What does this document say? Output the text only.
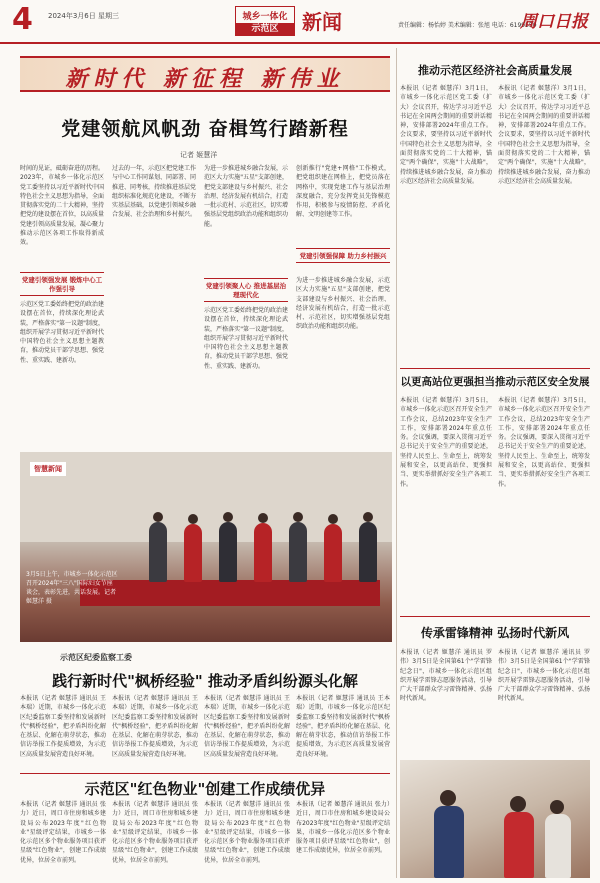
4 2024年3月6日 星期三	城乡一体化
示范区	新闻	责任编辑：杨怡婷 美术编辑：张旭 电话：6199550
周口日报
新时代 新征程 新伟业
党建领航风帆劲 奋楫笃行踏新程
记者 姬慧洋
时间的见证，砥砺奋进的历程。2023年，市城乡一体化示范区党工委坚持以习近平新时代中国特色社会主义思想为指导，全面贯彻落实党的二十大精神，坚持把党的建设摆在首位，以高质量党建引领高质量发展，凝心聚力推动示范区各项工作取得新成效。
党建引领强发展 锻炼中心工作强引导
示范区党工委始终把党的政治建设摆在首位，持续深化理论武装，严格落实"第一议题"制度，组织开展学习贯彻习近平新时代中国特色社会主义思想主题教育，推动党员干部学思想、强党性、重实践、建新功。
过去的一年，示范区把党建工作与中心工作同谋划、同部署、同推进、同考核，持续推进基层党组织标准化规范化建设，不断夯实基层基础，以党建引领城乡融合发展、社会治理和乡村振兴。
为进一步推进城乡融合发展，示范区大力实施"五星"支部创建，把党支部建设与乡村振兴、社会治理、经济发展有机结合，打造一批示范村、示范社区，切实增强基层党组织政治功能和组织功能。
党建引领聚人心 推进基层治理现代化
示范区党工委始终把党的政治建设摆在首位，持续深化理论武装，严格落实"第一议题"制度，组织开展学习贯彻习近平新时代中国特色社会主义思想主题教育，推动党员干部学思想、强党性、重实践、建新功。
创新推行"党建+网格"工作模式，把党组织建在网格上，把党员落在网格中，实现党建工作与基层治理深度融合，充分发挥党员先锋模范作用，积极参与疫情防控、矛盾化解、文明创建等工作。
党建引领强保障 助力乡村振兴
为进一步推进城乡融合发展，示范区大力实施"五星"支部创建，把党支部建设与乡村振兴、社会治理、经济发展有机结合，打造一批示范村、示范社区，切实增强基层党组织政治功能和组织功能。
智慧新闻
3月5日上午，市城乡一体化示范区召开2024年"三八"国际妇女节座谈会，表彰先进，共话发展。记者 姬慧洋 摄
示范区纪委监察工委
践行新时代"枫桥经验" 推动矛盾纠纷源头化解
本报讯（记者 姬慧洋 通讯员 王本瑞）近期，市城乡一体化示范区纪委监察工委坚持和发展新时代"枫桥经验"，把矛盾纠纷化解在基层、化解在萌芽状态，推动信访举报工作提质增效，为示范区高质量发展营造良好环境。
本报讯（记者 姬慧洋 通讯员 王本瑞）近期，市城乡一体化示范区纪委监察工委坚持和发展新时代"枫桥经验"，把矛盾纠纷化解在基层、化解在萌芽状态，推动信访举报工作提质增效，为示范区高质量发展营造良好环境。
本报讯（记者 姬慧洋 通讯员 王本瑞）近期，市城乡一体化示范区纪委监察工委坚持和发展新时代"枫桥经验"，把矛盾纠纷化解在基层、化解在萌芽状态，推动信访举报工作提质增效，为示范区高质量发展营造良好环境。
本报讯（记者 姬慧洋 通讯员 王本瑞）近期，市城乡一体化示范区纪委监察工委坚持和发展新时代"枫桥经验"，把矛盾纠纷化解在基层、化解在萌芽状态，推动信访举报工作提质增效，为示范区高质量发展营造良好环境。
示范区"红色物业"创建工作成绩优异
本报讯（记者 姬慧洋 通讯员 张力）近日，周口市住房和城乡建设局公布2023年度"红色物业"星级评定结果，市城乡一体化示范区多个物业服务项目获评星级"红色物业"，创建工作成绩优异，位居全市前列。
本报讯（记者 姬慧洋 通讯员 张力）近日，周口市住房和城乡建设局公布2023年度"红色物业"星级评定结果，市城乡一体化示范区多个物业服务项目获评星级"红色物业"，创建工作成绩优异，位居全市前列。
本报讯（记者 姬慧洋 通讯员 张力）近日，周口市住房和城乡建设局公布2023年度"红色物业"星级评定结果，市城乡一体化示范区多个物业服务项目获评星级"红色物业"，创建工作成绩优异，位居全市前列。
本报讯（记者 姬慧洋 通讯员 张力）近日，周口市住房和城乡建设局公布2023年度"红色物业"星级评定结果，市城乡一体化示范区多个物业服务项目获评星级"红色物业"，创建工作成绩优异，位居全市前列。
推动示范区经济社会高质量发展
本报讯（记者 姬慧洋）3月1日，市城乡一体化示范区党工委（扩大）会议召开，传达学习习近平总书记在全国两会期间的重要讲话精神，安排部署2024年重点工作。会议要求，要坚持以习近平新时代中国特色社会主义思想为指导，全面贯彻落实党的二十大精神，锚定"两个确保"，实施"十大战略"，持续推进城乡融合发展，奋力推动示范区经济社会高质量发展。
本报讯（记者 姬慧洋）3月1日，市城乡一体化示范区党工委（扩大）会议召开，传达学习习近平总书记在全国两会期间的重要讲话精神，安排部署2024年重点工作。会议要求，要坚持以习近平新时代中国特色社会主义思想为指导，全面贯彻落实党的二十大精神，锚定"两个确保"，实施"十大战略"，持续推进城乡融合发展，奋力推动示范区经济社会高质量发展。
以更高站位更强担当推动示范区安全发展
本报讯（记者 姬慧洋）3月5日，市城乡一体化示范区召开安全生产工作会议，总结2023年安全生产工作，安排部署2024年重点任务。会议强调，要深入贯彻习近平总书记关于安全生产的重要论述，坚持人民至上、生命至上，统筹发展和安全，以更高站位、更强担当、更实举措抓好安全生产各项工作。
本报讯（记者 姬慧洋）3月5日，市城乡一体化示范区召开安全生产工作会议，总结2023年安全生产工作，安排部署2024年重点任务。会议强调，要深入贯彻习近平总书记关于安全生产的重要论述，坚持人民至上、生命至上，统筹发展和安全，以更高站位、更强担当、更实举措抓好安全生产各项工作。
传承雷锋精神 弘扬时代新风
本报讯（记者 姬慧洋 通讯员 罗伟）3月5日是全国第61个"学雷锋纪念日"，市城乡一体化示范区组织开展学雷锋志愿服务活动，引导广大干部群众学习雷锋精神、弘扬时代新风。
本报讯（记者 姬慧洋 通讯员 罗伟）3月5日是全国第61个"学雷锋纪念日"，市城乡一体化示范区组织开展学雷锋志愿服务活动，引导广大干部群众学习雷锋精神、弘扬时代新风。
